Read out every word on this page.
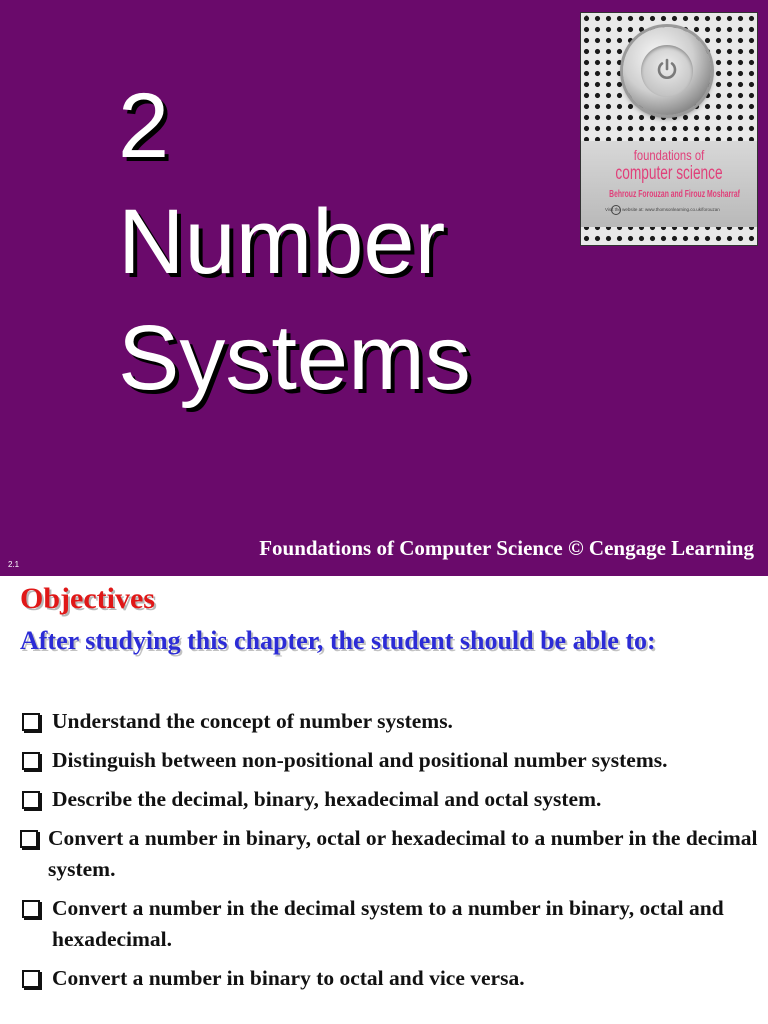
2
Number
Systems
c
foundations of
computer science
Behrouz Forouzan and Firouz Mosharraf
Visit the website at: www.thomsonlearning.co.uk/forouzan
Foundations of Computer Science © Cengage Learning
2.1
Objectives

After studying this chapter, the student should be able to:

Understand the concept of number systems.
Distinguish between non-positional and positional number systems.
Describe the decimal, binary, hexadecimal and octal system.
Convert a number in binary, octal or hexadecimal to a number in the decimal system.
Convert a number in the decimal system to a number in binary, octal and hexadecimal.
Convert a number in binary to octal and vice versa.
